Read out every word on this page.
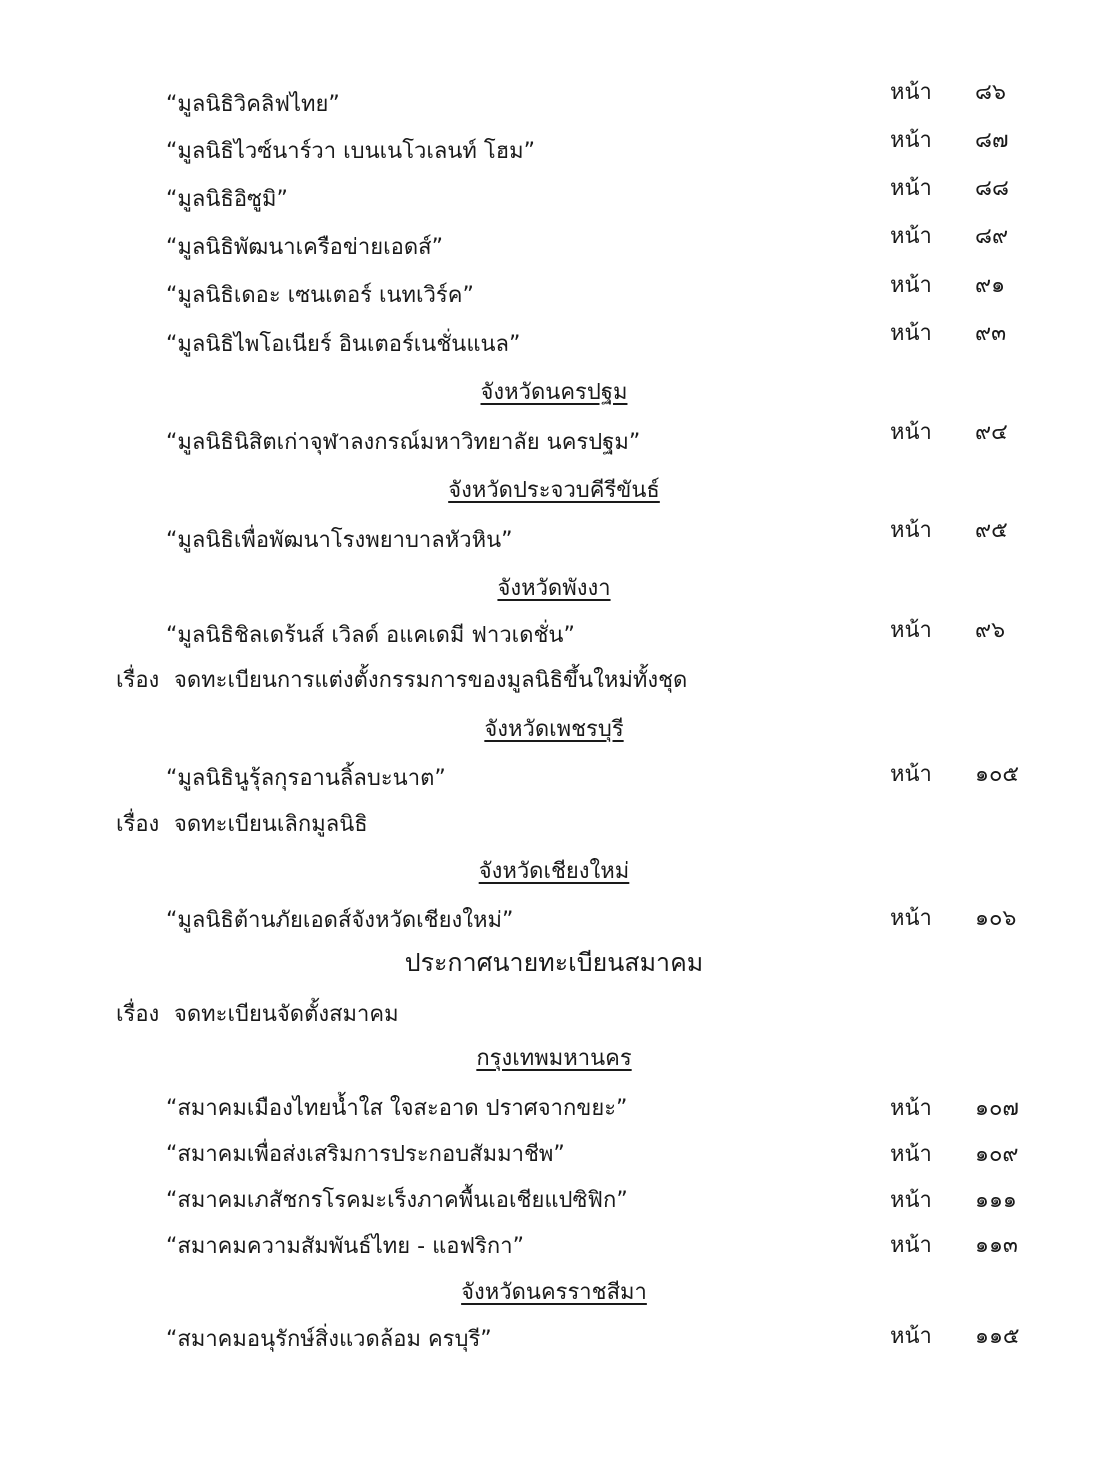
“มูลนิธิวิคลิฟไทย”	หน้า ๘๖
“มูลนิธิไวซ์นาร์วา เบนเนโวเลนท์ โฮม”	หน้า ๘๗
“มูลนิธิอิซูมิ”	หน้า ๘๘
“มูลนิธิพัฒนาเครือข่ายเอดส์”	หน้า ๘๙
“มูลนิธิเดอะ เซนเตอร์ เนทเวิร์ค”	หน้า ๙๑
“มูลนิธิไพโอเนียร์ อินเตอร์เนชั่นแนล”	หน้า ๙๓
จังหวัดนครปฐม
“มูลนิธินิสิตเก่าจุฬาลงกรณ์มหาวิทยาลัย นครปฐม”	หน้า ๙๔
จังหวัดประจวบคีรีขันธ์
“มูลนิธิเพื่อพัฒนาโรงพยาบาลหัวหิน”	หน้า ๙๕
จังหวัดพังงา
“มูลนิธิชิลเดร้นส์ เวิลด์ อแคเดมี ฟาวเดชั่น”	หน้า ๙๖
เรื่อง จดทะเบียนการแต่งตั้งกรรมการของมูลนิธิขึ้นใหม่ทั้งชุด
จังหวัดเพชรบุรี
“มูลนิธินูรุ้ลกุรอานลิ้ลบะนาต”	หน้า ๑๐๕
เรื่อง จดทะเบียนเลิกมูลนิธิ
จังหวัดเชียงใหม่
“มูลนิธิต้านภัยเอดส์จังหวัดเชียงใหม่”	หน้า ๑๐๖
ประกาศนายทะเบียนสมาคม
เรื่อง จดทะเบียนจัดตั้งสมาคม
กรุงเทพมหานคร
“สมาคมเมืองไทยน้ำใส ใจสะอาด ปราศจากขยะ”	หน้า ๑๐๗
“สมาคมเพื่อส่งเสริมการประกอบสัมมาชีพ”	หน้า ๑๐๙
“สมาคมเภสัชกรโรคมะเร็งภาคพื้นเอเชียแปซิฟิก”	หน้า ๑๑๑
“สมาคมความสัมพันธ์ไทย - แอฟริกา”	หน้า ๑๑๓
จังหวัดนครราชสีมา
“สมาคมอนุรักษ์สิ่งแวดล้อม ครบุรี”	หน้า ๑๑๕
